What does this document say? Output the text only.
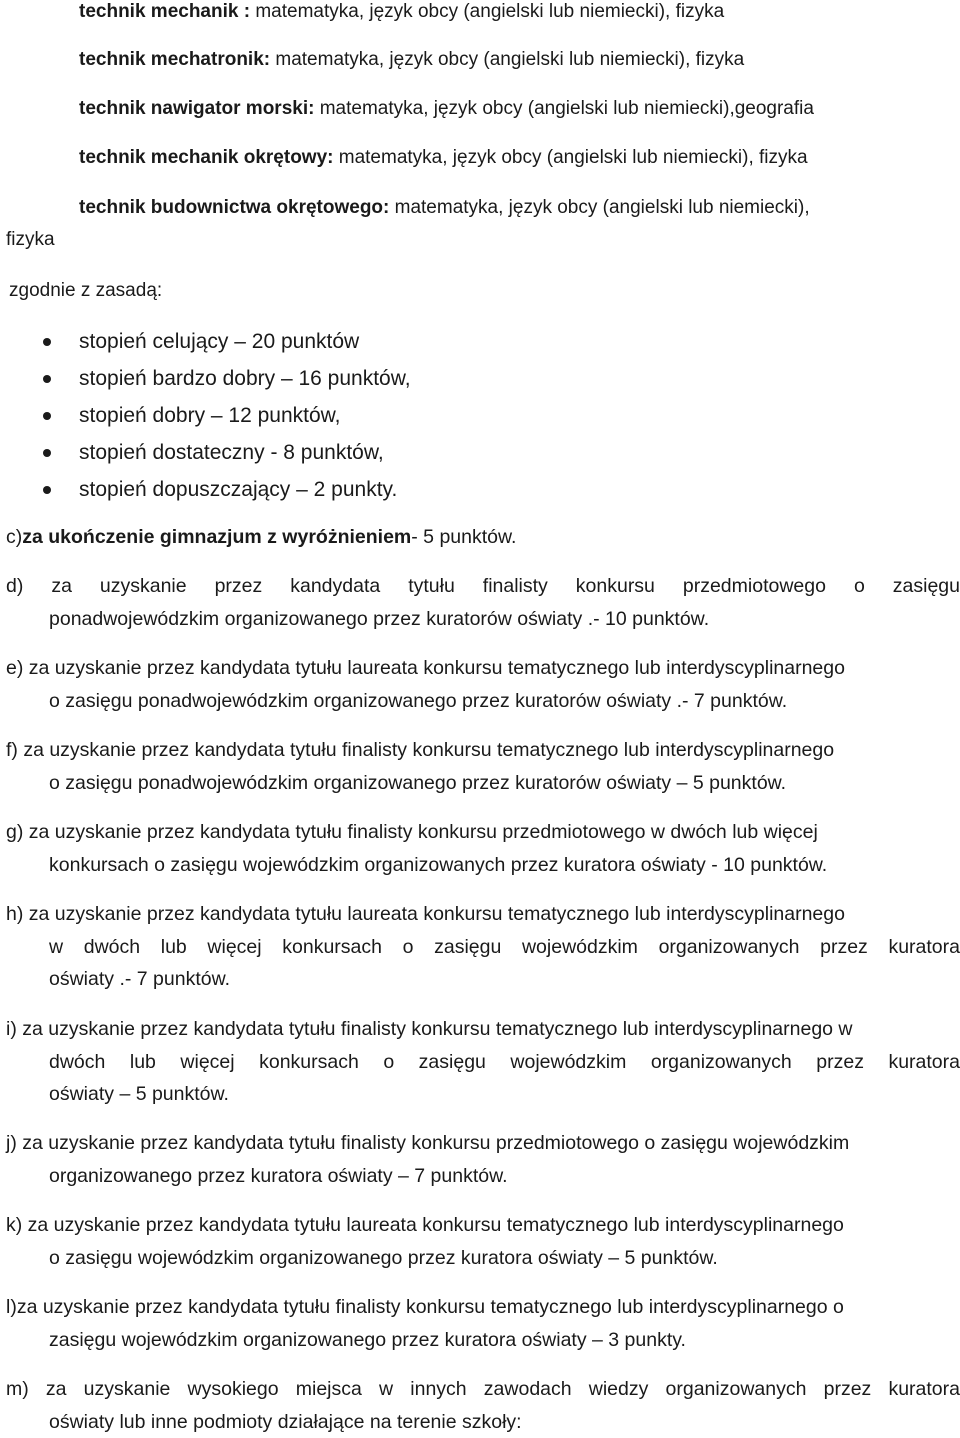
technik mechanik : matematyka, język obcy (angielski lub niemiecki), fizyka
technik mechatronik: matematyka, język obcy (angielski lub niemiecki), fizyka
technik nawigator morski: matematyka, język obcy (angielski lub niemiecki),geografia
technik mechanik okrętowy: matematyka, język obcy (angielski lub niemiecki), fizyka
technik budownictwa okrętowego: matematyka, język obcy (angielski lub niemiecki),
fizyka
zgodnie z zasadą:
stopień celujący – 20 punktów
stopień bardzo dobry – 16 punktów,
stopień dobry – 12 punktów,
stopień dostateczny - 8 punktów,
stopień dopuszczający – 2 punkty.
c) za ukończenie gimnazjum z wyróżnieniem - 5 punktów.
d) za uzyskanie przez kandydata tytułu finalisty konkursu przedmiotowego o zasięgu
ponadwojewódzkim organizowanego przez kuratorów oświaty .- 10 punktów.
e) za uzyskanie przez kandydata tytułu laureata konkursu tematycznego lub interdyscyplinarnego
o zasięgu ponadwojewódzkim organizowanego przez kuratorów oświaty .- 7 punktów.
f) za uzyskanie przez kandydata tytułu finalisty konkursu tematycznego lub interdyscyplinarnego
o zasięgu ponadwojewódzkim organizowanego przez kuratorów oświaty – 5 punktów.
g) za uzyskanie przez kandydata tytułu finalisty konkursu przedmiotowego w dwóch lub więcej
konkursach o zasięgu wojewódzkim organizowanych przez kuratora oświaty - 10 punktów.
h) za uzyskanie przez kandydata tytułu laureata konkursu tematycznego lub interdyscyplinarnego
w dwóch lub więcej konkursach o zasięgu wojewódzkim organizowanych przez kuratora
oświaty .- 7 punktów.
i) za uzyskanie przez kandydata tytułu finalisty konkursu tematycznego lub interdyscyplinarnego w
dwóch lub więcej konkursach o zasięgu wojewódzkim organizowanych przez kuratora
oświaty – 5 punktów.
j) za uzyskanie przez kandydata tytułu finalisty konkursu przedmiotowego o zasięgu wojewódzkim
organizowanego przez kuratora oświaty – 7 punktów.
k) za uzyskanie przez kandydata tytułu laureata konkursu tematycznego lub interdyscyplinarnego
o zasięgu wojewódzkim organizowanego przez kuratora oświaty – 5 punktów.
l)za uzyskanie przez kandydata tytułu finalisty konkursu tematycznego lub interdyscyplinarnego o
zasięgu wojewódzkim organizowanego przez kuratora oświaty – 3 punkty.
m) za uzyskanie wysokiego miejsca w innych zawodach wiedzy organizowanych przez kuratora
oświaty lub inne podmioty działające na terenie szkoły:
